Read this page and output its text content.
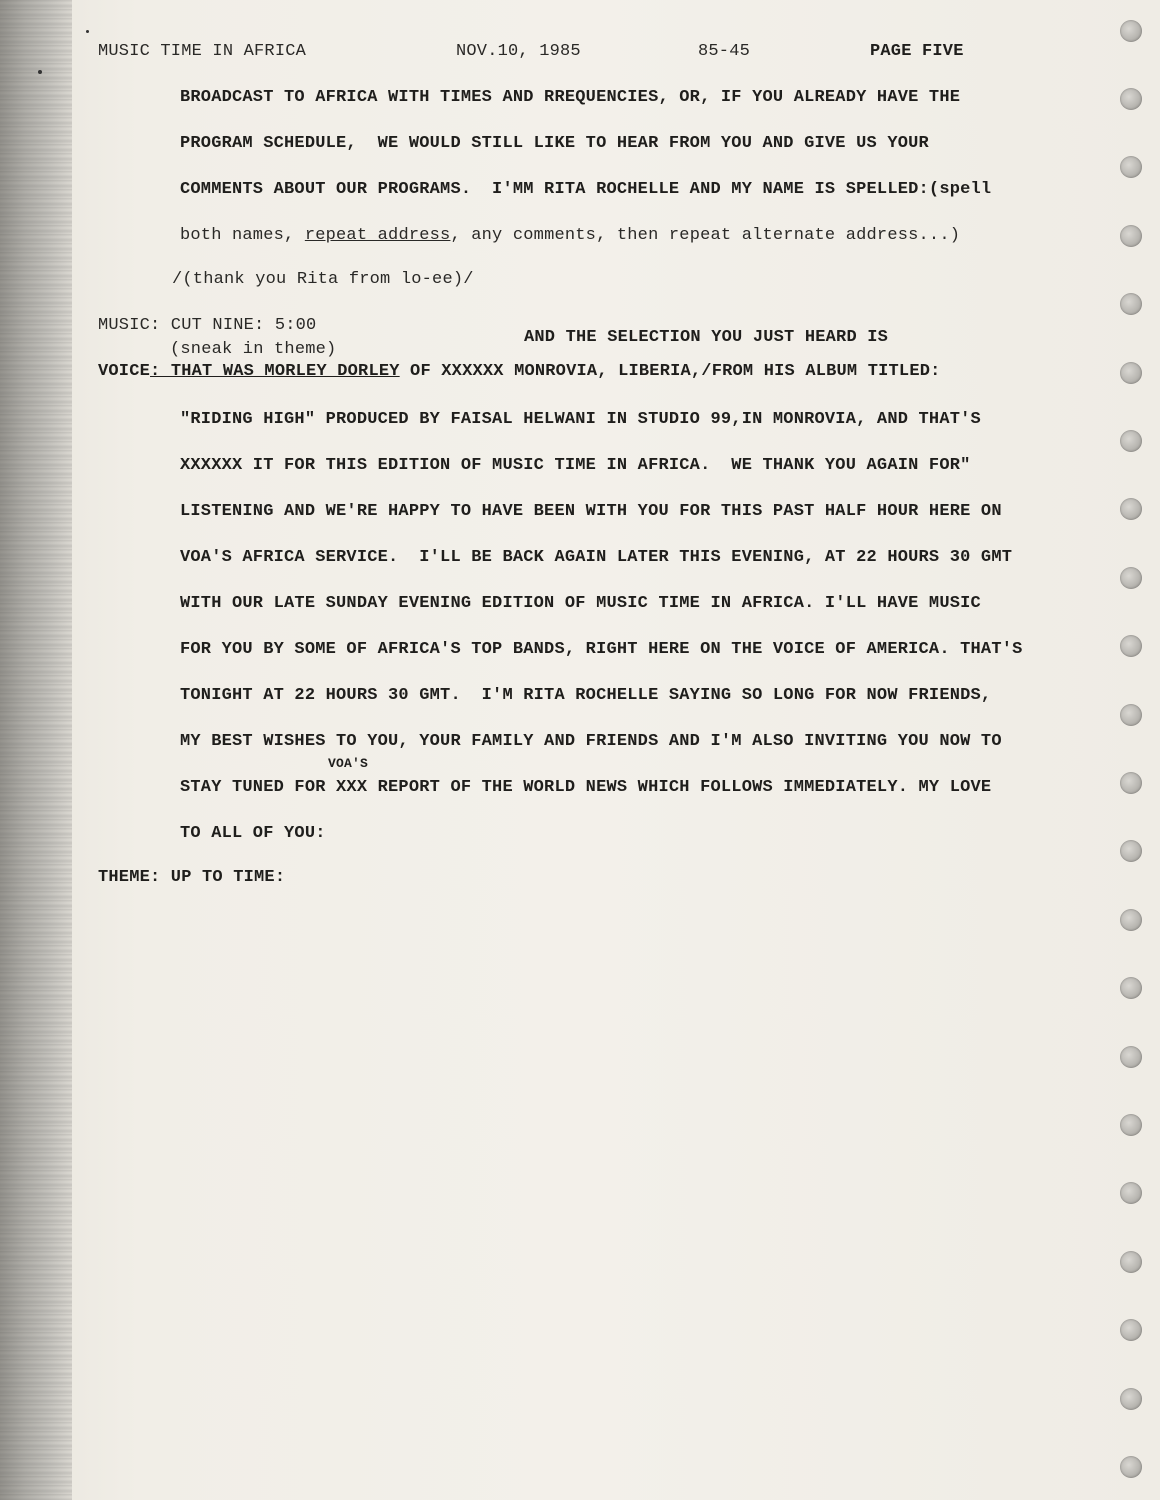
MUSIC TIME IN AFRICA	NOV.10, 1985	85-45	PAGE FIVE
BROADCAST TO AFRICA WITH TIMES AND RREQUENCIES, OR, IF YOU ALREADY HAVE THE
PROGRAM SCHEDULE,  WE WOULD STILL LIKE TO HEAR FROM YOU AND GIVE US YOUR
COMMENTS ABOUT OUR PROGRAMS.  I'MM RITA ROCHELLE AND MY NAME IS SPELLED:(spell
both names, repeat address, any comments, then repeat alternate address...)
/(thank you Rita from lo-ee)/
MUSIC: CUT NINE: 5:00
(sneak in theme)
AND THE SELECTION YOU JUST HEARD IS
VOICE: THAT WAS MORLEY DORLEY OF XXXXXX MONROVIA, LIBERIA,/FROM HIS ALBUM TITLED:
"RIDING HIGH" PRODUCED BY FAISAL HELWANI IN STUDIO 99,IN MONROVIA, AND THAT'S
XXXXXX IT FOR THIS EDITION OF MUSIC TIME IN AFRICA.  WE THANK YOU AGAIN FOR"
LISTENING AND WE'RE HAPPY TO HAVE BEEN WITH YOU FOR THIS PAST HALF HOUR HERE ON
VOA'S AFRICA SERVICE.  I'LL BE BACK AGAIN LATER THIS EVENING, AT 22 HOURS 30 GMT
WITH OUR LATE SUNDAY EVENING EDITION OF MUSIC TIME IN AFRICA. I'LL HAVE MUSIC
FOR YOU BY SOME OF AFRICA'S TOP BANDS, RIGHT HERE ON THE VOICE OF AMERICA. THAT'S
TONIGHT AT 22 HOURS 30 GMT.  I'M RITA ROCHELLE SAYING SO LONG FOR NOW FRIENDS,
MY BEST WISHES TO YOU, YOUR FAMILY AND FRIENDS AND I'M ALSO INVITING YOU NOW TO
VOA'S
STAY TUNED FOR XXX REPORT OF THE WORLD NEWS WHICH FOLLOWS IMMEDIATELY. MY LOVE
TO ALL OF YOU:
THEME: UP TO TIME:
